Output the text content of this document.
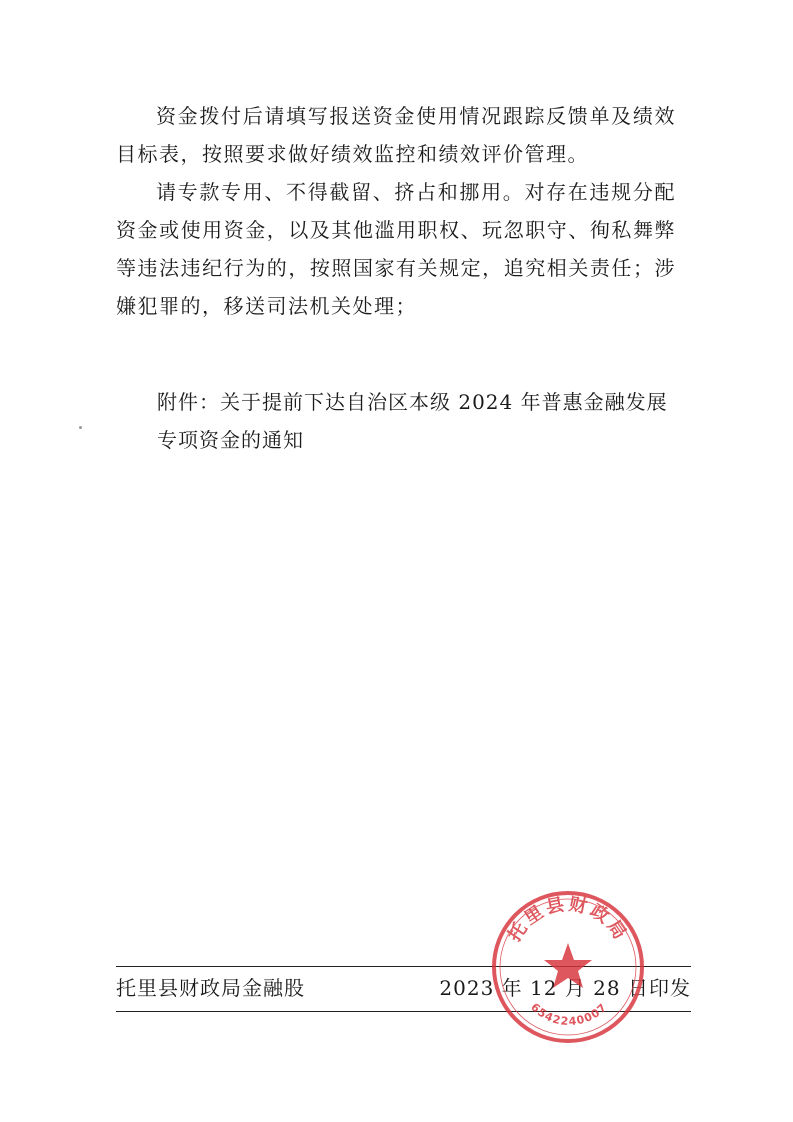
资金拨付后请填写报送资金使用情况跟踪反馈单及绩效目标表，按照要求做好绩效监控和绩效评价管理。

请专款专用、不得截留、挤占和挪用。对存在违规分配资金或使用资金，以及其他滥用职权、玩忽职守、徇私舞弊等违法违纪行为的，按照国家有关规定，追究相关责任；涉嫌犯罪的，移送司法机关处理；

附件：关于提前下达自治区本级 2024 年普惠金融发展
专项资金的通知
托里县财政局金融股	2023 年 12 月 28 日印发
托里县财政局
6542240007
